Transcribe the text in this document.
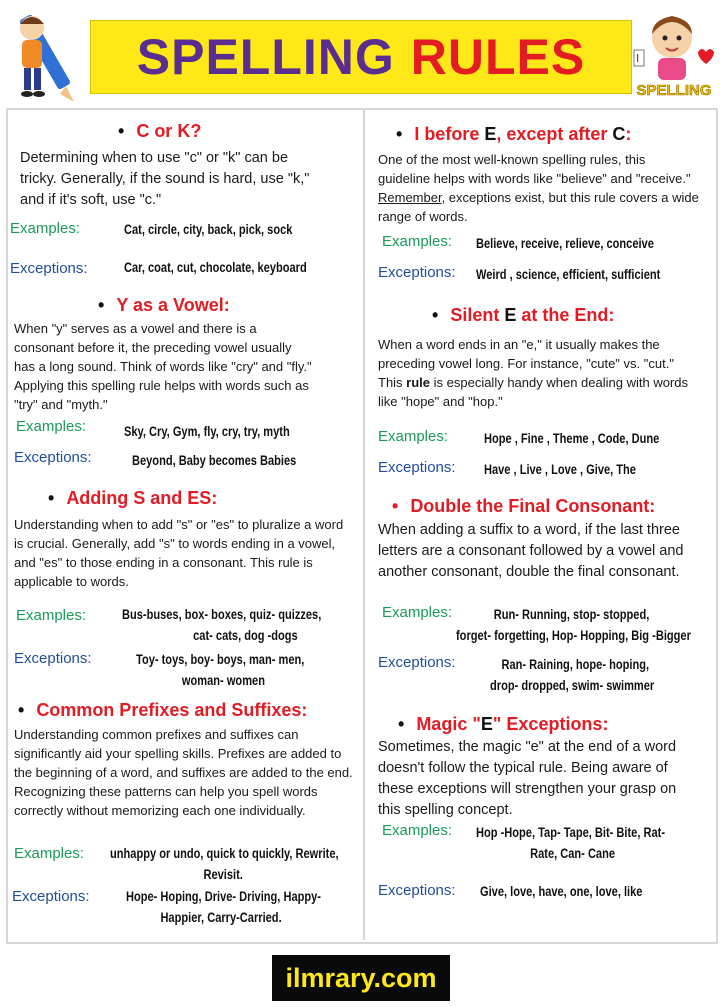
I
SPELLING
SPELLING RULES
• C or K?
Determining when to use "c" or "k" can be tricky. Generally, if the sound is hard, use "k," and if it's soft, use "c."
Examples:	Cat, circle, city, back, pick, sock
Exceptions:	Car, coat, cut, chocolate, keyboard
• Y as a Vowel:
When "y" serves as a vowel and there is a consonant before it, the preceding vowel usually has a long sound. Think of words like "cry" and "fly." Applying this spelling rule helps with words such as "try" and "myth."
Examples:	Sky, Cry, Gym, fly, cry, try, myth
Exceptions:	Beyond, Baby becomes Babies
• Adding S and ES:
Understanding when to add "s" or "es" to pluralize a word is crucial. Generally, add "s" to words ending in a vowel, and "es" to those ending in a consonant. This rule is applicable to words.
Examples:	Bus-buses, box- boxes, quiz- quizzes,
cat- cats, dog -dogs
Exceptions:	Toy- toys, boy- boys, man- men,
woman- women
• Common Prefixes and Suffixes:
Understanding common prefixes and suffixes can significantly aid your spelling skills. Prefixes are added to the beginning of a word, and suffixes are added to the end. Recognizing these patterns can help you spell words correctly without memorizing each one individually.
Examples: unhappy or undo, quick to quickly, Rewrite,
Revisit.
Exceptions:	Hope- Hoping, Drive- Driving, Happy-
Happier, Carry-Carried.
• I before E, except after C:
One of the most well-known spelling rules, this guideline helps with words like "believe" and "receive." Remember, exceptions exist, but this rule covers a wide range of words.
Examples: Believe, receive, relieve, conceive
Exceptions: Weird , science, efficient, sufficient
• Silent E at the End:
When a word ends in an "e," it usually makes the preceding vowel long. For instance, "cute" vs. "cut." This rule is especially handy when dealing with words like "hope" and "hop."
Examples:	Hope , Fine , Theme , Code, Dune
Exceptions: Have , Live , Love , Give, The
• Double the Final Consonant:
When adding a suffix to a word, if the last three letters are a consonant followed by a vowel and another consonant, double the final consonant.
Examples:	Run- Running, stop- stopped,
forget- forgetting, Hop- Hopping, Big -Bigger
Exceptions:	Ran- Raining, hope- hoping,
drop- dropped, swim- swimmer
• Magic "E" Exceptions:
Sometimes, the magic "e" at the end of a word doesn't follow the typical rule. Being aware of these exceptions will strengthen your grasp on this spelling concept.
Examples: Hop -Hope, Tap- Tape, Bit- Bite, Rat-
Rate, Can- Cane
Exceptions: Give, love, have, one, love, like
ilmrary.com
